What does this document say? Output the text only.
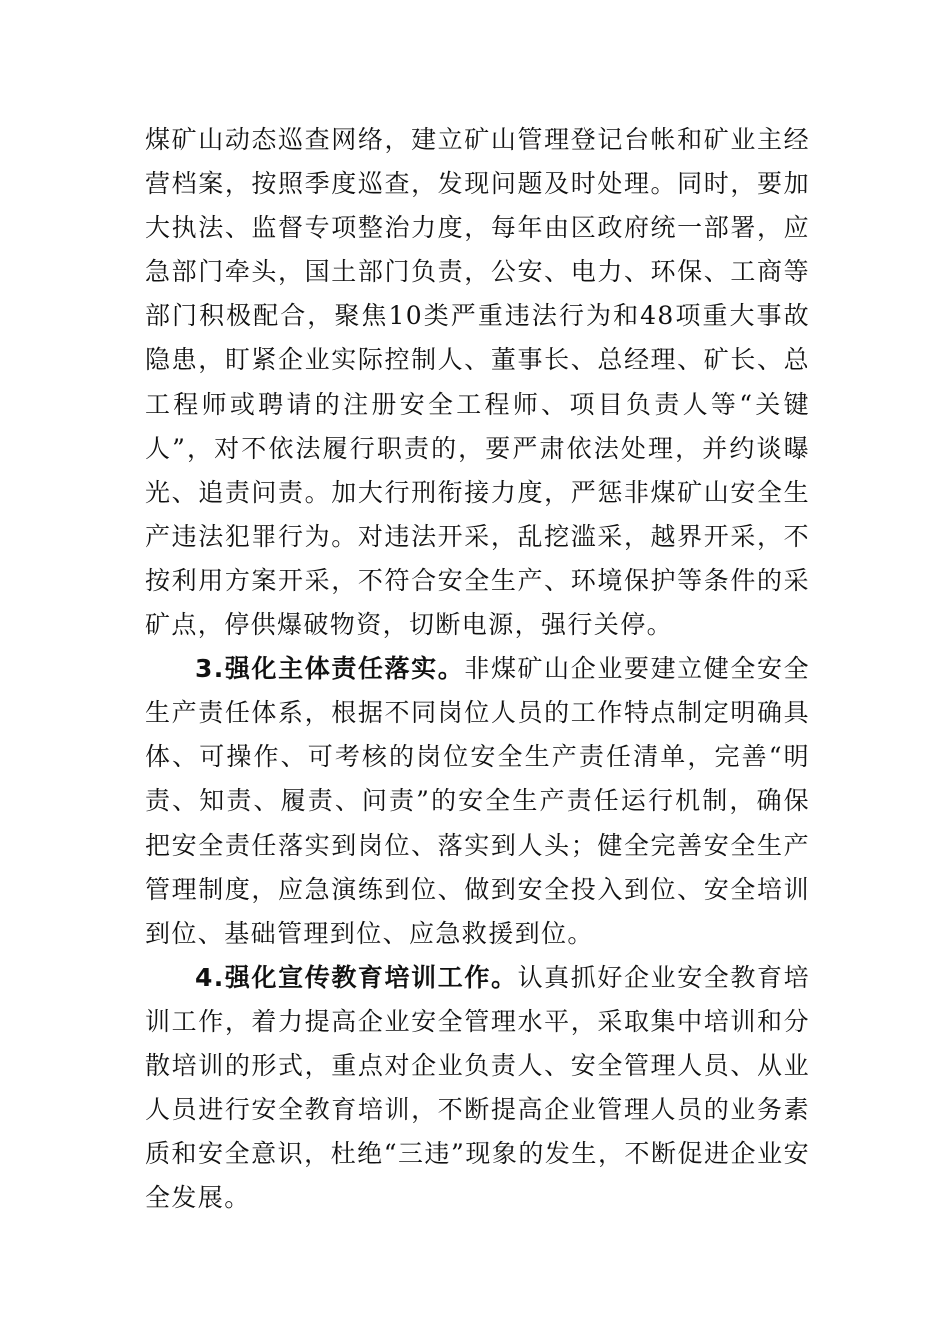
煤矿山动态巡查网络，建立矿山管理登记台帐和矿业主经营档案，按照季度巡查，发现问题及时处理。同时，要加大执法、监督专项整治力度，每年由区政府统一部署，应急部门牵头，国土部门负责，公安、电力、环保、工商等部门积极配合，聚焦10类严重违法行为和48项重大事故隐患，盯紧企业实际控制人、董事长、总经理、矿长、总工程师或聘请的注册安全工程师、项目负责人等“关键人”，对不依法履行职责的，要严肃依法处理，并约谈曝光、追责问责。加大行刑衔接力度，严惩非煤矿山安全生产违法犯罪行为。对违法开采，乱挖滥采，越界开采，不按利用方案开采，不符合安全生产、环境保护等条件的采矿点，停供爆破物资，切断电源，强行关停。

3.强化主体责任落实。非煤矿山企业要建立健全安全生产责任体系，根据不同岗位人员的工作特点制定明确具体、可操作、可考核的岗位安全生产责任清单，完善“明责、知责、履责、问责”的安全生产责任运行机制，确保把安全责任落实到岗位、落实到人头；健全完善安全生产管理制度，应急演练到位、做到安全投入到位、安全培训到位、基础管理到位、应急救援到位。

4.强化宣传教育培训工作。认真抓好企业安全教育培训工作，着力提高企业安全管理水平，采取集中培训和分散培训的形式，重点对企业负责人、安全管理人员、从业人员进行安全教育培训，不断提高企业管理人员的业务素质和安全意识，杜绝“三违”现象的发生，不断促进企业安全发展。
